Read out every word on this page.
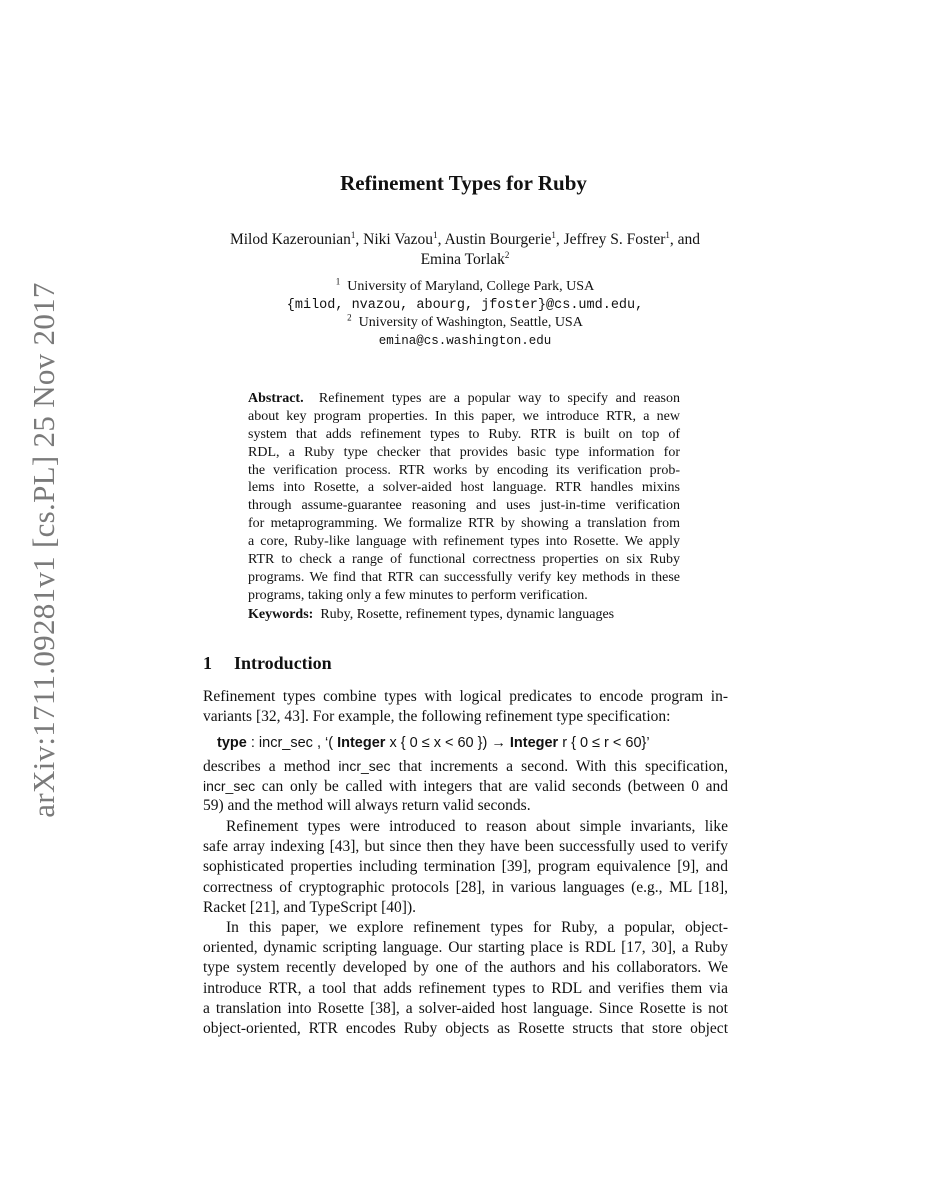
arXiv:1711.09281v1 [cs.PL] 25 Nov 2017
Refinement Types for Ruby
Milod Kazerounian$^1$, Niki Vazou$^1$, Austin Bourgerie$^1$, Jeffrey S. Foster$^1$, and
Emina Torlak$^2$
$^1$ University of Maryland, College Park, USA
{milod, nvazou, abourg, jfoster}@cs.umd.edu,
$^2$ University of Washington, Seattle, USA
emina@cs.washington.edu
Abstract. Refinement types are a popular way to specify and reason
about key program properties. In this paper, we introduce RTR, a new
system that adds refinement types to Ruby. RTR is built on top of
RDL, a Ruby type checker that provides basic type information for
the verification process. RTR works by encoding its verification prob-
lems into Rosette, a solver-aided host language. RTR handles mixins
through assume-guarantee reasoning and uses just-in-time verification
for metaprogramming. We formalize RTR by showing a translation from
a core, Ruby-like language with refinement types into Rosette. We apply
RTR to check a range of functional correctness properties on six Ruby
programs. We find that RTR can successfully verify key methods in these
programs, taking only a few minutes to perform verification.
Keywords: Ruby, Rosette, refinement types, dynamic languages
1 Introduction
Refinement types combine types with logical predicates to encode program in-
variants [32, 43]. For example, the following refinement type specification:
type : incr_sec , ‘( Integer x { 0 ≤ x < 60 }) → Integer r { 0 ≤ r < 60}’
describes a method incr_sec that increments a second. With this specification,
incr_sec can only be called with integers that are valid seconds (between 0 and
59) and the method will always return valid seconds.
Refinement types were introduced to reason about simple invariants, like
safe array indexing [43], but since then they have been successfully used to verify
sophisticated properties including termination [39], program equivalence [9], and
correctness of cryptographic protocols [28], in various languages (e.g., ML [18],
Racket [21], and TypeScript [40]).
In this paper, we explore refinement types for Ruby, a popular, object-
oriented, dynamic scripting language. Our starting place is RDL [17, 30], a Ruby
type system recently developed by one of the authors and his collaborators. We
introduce RTR, a tool that adds refinement types to RDL and verifies them via
a translation into Rosette [38], a solver-aided host language. Since Rosette is not
object-oriented, RTR encodes Ruby objects as Rosette structs that store object
